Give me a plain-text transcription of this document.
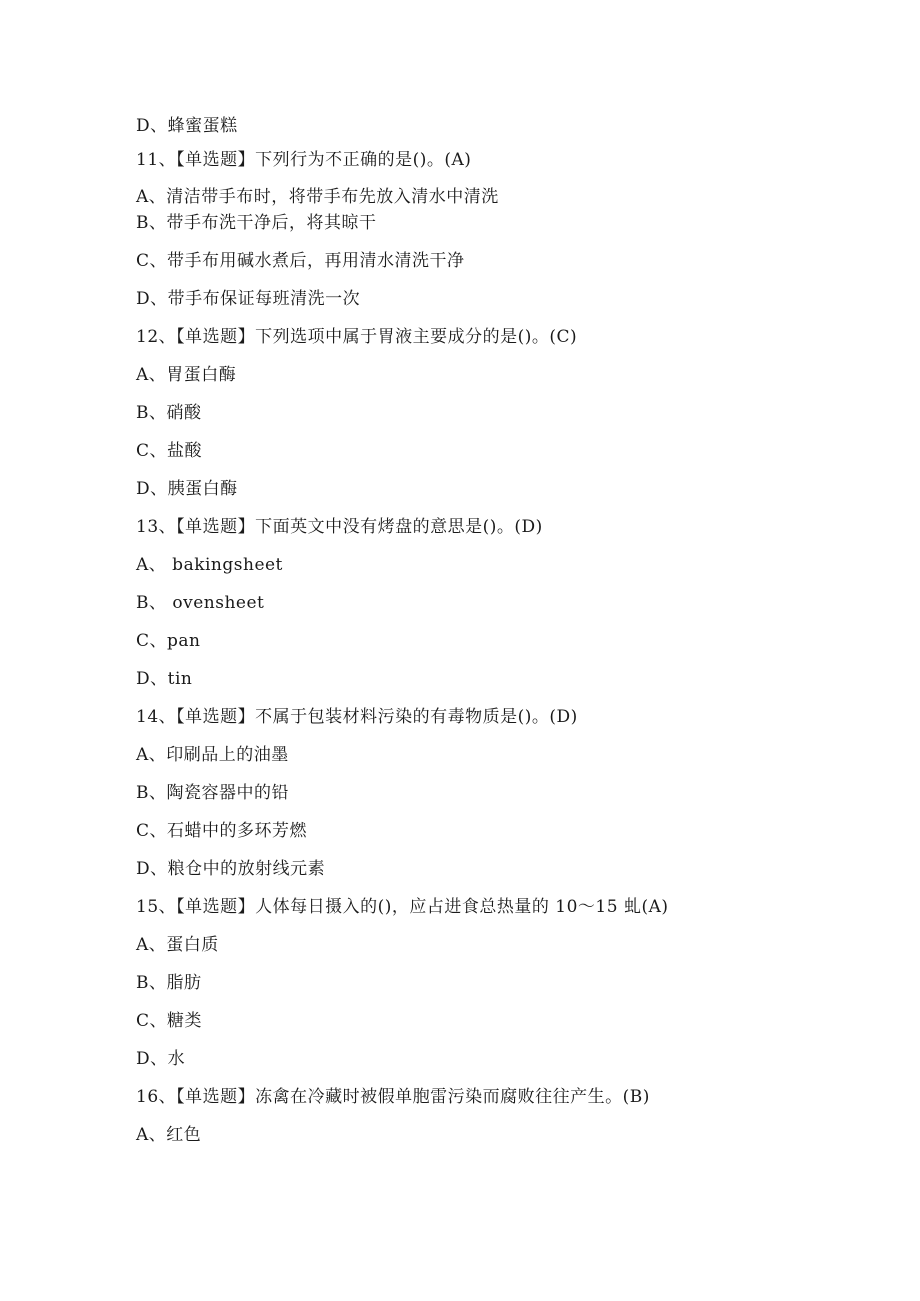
D、蜂蜜蛋糕
11、【单选题】下列行为不正确的是()。(A)
A、清洁带手布时，将带手布先放入清水中清洗
B、带手布洗干净后，将其晾干
C、带手布用碱水煮后，再用清水清洗干净
D、带手布保证每班清洗一次
12、【单选题】下列选项中属于胃液主要成分的是()。(C)
A、胃蛋白酶
B、硝酸
C、盐酸
D、胰蛋白酶
13、【单选题】下面英文中没有烤盘的意思是()。(D)
A、 bakingsheet
B、 ovensheet
C、pan
D、tin
14、【单选题】不属于包装材料污染的有毒物质是()。(D)
A、印刷品上的油墨
B、陶瓷容器中的铅
C、石蜡中的多环芳燃
D、粮仓中的放射线元素
15、【单选题】人体每日摄入的()，应占进食总热量的 10～15 虬(A)
A、蛋白质
B、脂肪
C、糖类
D、水
16、【单选题】冻禽在冷藏时被假单胞雷污染而腐败往往产生。(B)
A、红色
